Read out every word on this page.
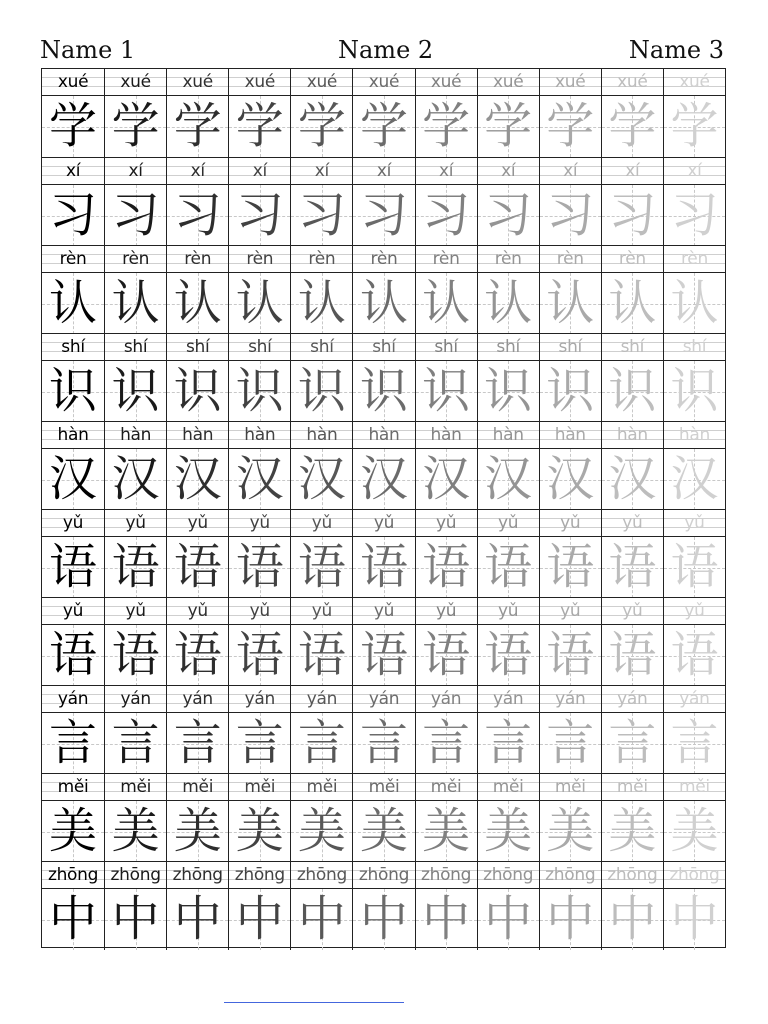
Name 1	Name 2	Name 3
xué
学
xué
学
xué
学
xué
学
xué
学
xué
学
xué
学
xué
学
xué
学
xué
学
xué
学
xí
习
xí
习
xí
习
xí
习
xí
习
xí
习
xí
习
xí
习
xí
习
xí
习
xí
习
rèn
认
rèn
认
rèn
认
rèn
认
rèn
认
rèn
认
rèn
认
rèn
认
rèn
认
rèn
认
rèn
认
shí
识
shí
识
shí
识
shí
识
shí
识
shí
识
shí
识
shí
识
shí
识
shí
识
shí
识
hàn
汉
hàn
汉
hàn
汉
hàn
汉
hàn
汉
hàn
汉
hàn
汉
hàn
汉
hàn
汉
hàn
汉
hàn
汉
yǔ
语
yǔ
语
yǔ
语
yǔ
语
yǔ
语
yǔ
语
yǔ
语
yǔ
语
yǔ
语
yǔ
语
yǔ
语
yǔ
语
yǔ
语
yǔ
语
yǔ
语
yǔ
语
yǔ
语
yǔ
语
yǔ
语
yǔ
语
yǔ
语
yǔ
语
yán
言
yán
言
yán
言
yán
言
yán
言
yán
言
yán
言
yán
言
yán
言
yán
言
yán
言
měi
美
měi
美
měi
美
měi
美
měi
美
měi
美
měi
美
měi
美
měi
美
měi
美
měi
美
zhōng
中
zhōng
中
zhōng
中
zhōng
中
zhōng
中
zhōng
中
zhōng
中
zhōng
中
zhōng
中
zhōng
中
zhōng
中
